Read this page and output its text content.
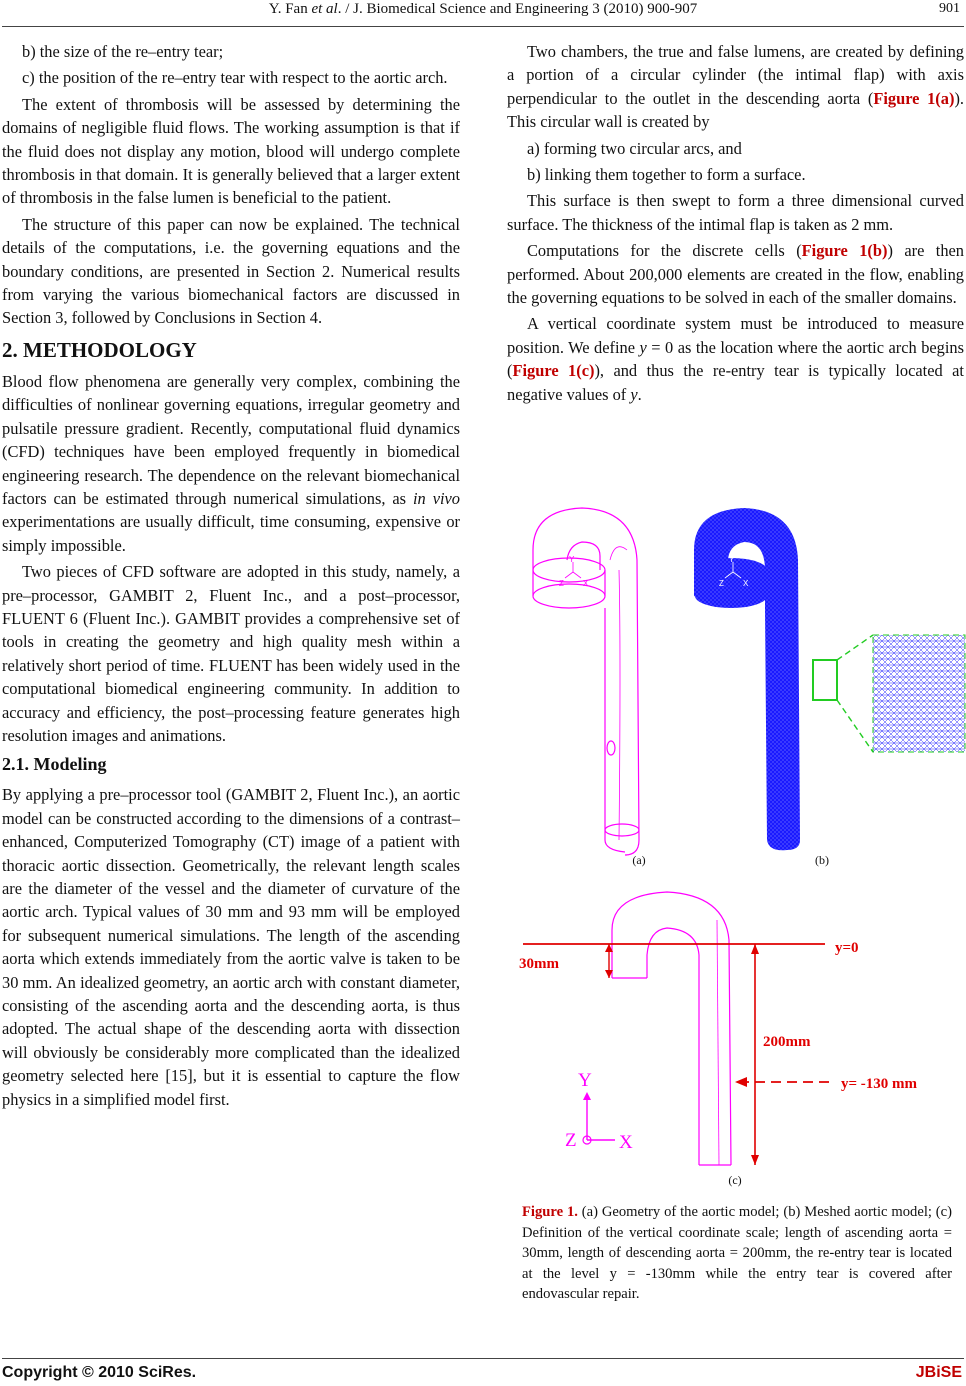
Y. Fan et al. / J. Biomedical Science and Engineering 3 (2010) 900-907	901

b) the size of the re–entry tear;

c) the position of the re–entry tear with respect to the aortic arch.

The extent of thrombosis will be assessed by determining the domains of negligible fluid flows. The working assumption is that if the fluid does not display any motion, blood will undergo complete thrombosis in that domain. It is generally believed that a larger extent of thrombosis in the false lumen is beneficial to the patient.

The structure of this paper can now be explained. The technical details of the computations, i.e. the governing equations and the boundary conditions, are presented in Section 2. Numerical results from varying the various biomechanical factors are discussed in Section 3, followed by Conclusions in Section 4.

2. METHODOLOGY

Blood flow phenomena are generally very complex, combining the difficulties of nonlinear governing equations, irregular geometry and pulsatile pressure gradient. Recently, computational fluid dynamics (CFD) techniques have been employed frequently in biomedical engineering research. The dependence on the relevant biomechanical factors can be estimated through numerical simulations, as in vivo experimentations are usually difficult, time consuming, expensive or simply impossible.

Two pieces of CFD software are adopted in this study, namely, a pre–processor, GAMBIT 2, Fluent Inc., and a post–processor, FLUENT 6 (Fluent Inc.). GAMBIT provides a comprehensive set of tools in creating the geometry and high quality mesh within a relatively short period of time. FLUENT has been widely used in the computational biomedical engineering community. In addition to accuracy and efficiency, the post–processing feature generates high resolution images and animations.

2.1. Modeling

By applying a pre–processor tool (GAMBIT 2, Fluent Inc.), an aortic model can be constructed according to the dimensions of a contrast–enhanced, Computerized Tomography (CT) image of a patient with thoracic aortic dissection. Geometrically, the relevant length scales are the diameter of the vessel and the diameter of curvature of the aortic arch. Typical values of 30 mm and 93 mm will be employed for subsequent numerical simulations. The length of the ascending aorta which extends immediately from the aortic valve is taken to be 30 mm. An idealized geometry, an aortic arch with constant diameter, consisting of the ascending aorta and the descending aorta, is thus adopted. The actual shape of the descending aorta with dissection will obviously be considerably more complicated than the idealized geometry selected here [15], but it is essential to capture the flow physics in a simplified model first.

Two chambers, the true and false lumens, are created by defining a portion of a circular cylinder (the intimal flap) with axis perpendicular to the outlet in the descending aorta (Figure 1(a)). This circular wall is created by

a) forming two circular arcs, and

b) linking them together to form a surface.

This surface is then swept to form a three dimensional curved surface. The thickness of the intimal flap is taken as 2 mm.

Computations for the discrete cells (Figure 1(b)) are then performed. About 200,000 elements are created in the flow, enabling the governing equations to be solved in each of the smaller domains.

A vertical coordinate system must be introduced to measure position. We define y = 0 as the location where the aortic arch begins (Figure 1(c)), and thus the re-entry tear is typically located at negative values of y.

Y
Z X
Y
Z X
(a)	(b)
30mm
y=0
200mm
y= -130 mm
Y
Z X
(c)
Figure 1. (a) Geometry of the aortic model; (b) Meshed aortic model; (c) Definition of the vertical coordinate scale; length of ascending aorta = 30mm, length of descending aorta = 200mm, the re-entry tear is located at the level y = -130mm while the entry tear is covered after endovascular repair.
Copyright © 2010 SciRes.	JBiSE
